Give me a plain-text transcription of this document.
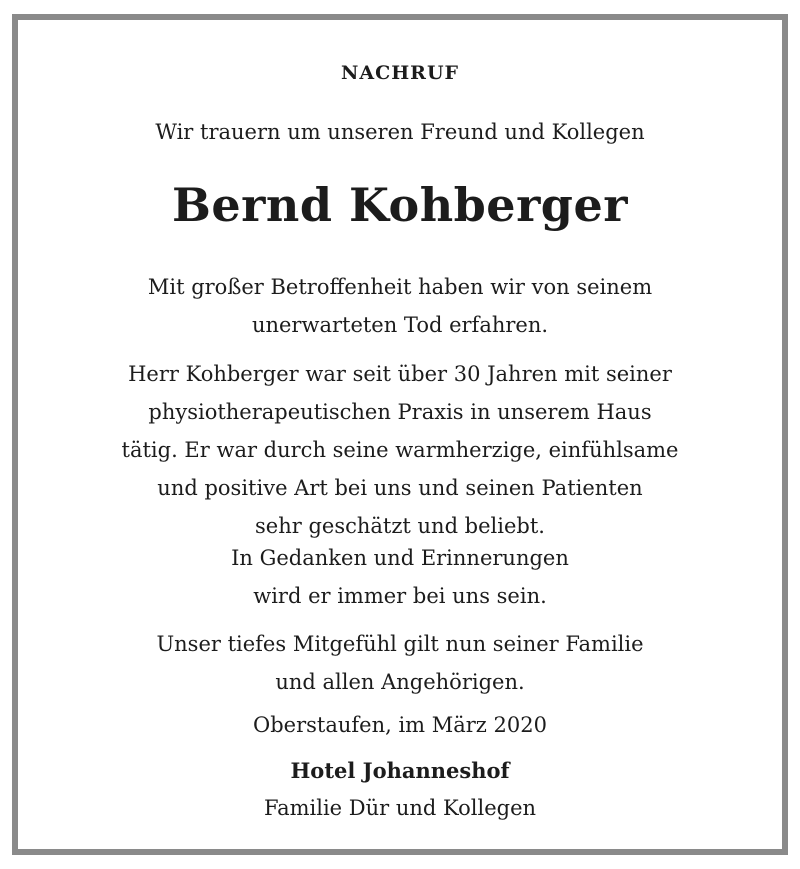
NACHRUF
Wir trauern um unseren Freund und Kollegen
Bernd Kohberger
Mit großer Betroffenheit haben wir von seinem
unerwarteten Tod erfahren.
Herr Kohberger war seit über 30 Jahren mit seiner
physiotherapeutischen Praxis in unserem Haus
tätig. Er war durch seine warmherzige, einfühlsame
und positive Art bei uns und seinen Patienten
sehr geschätzt und beliebt.
In Gedanken und Erinnerungen
wird er immer bei uns sein.
Unser tiefes Mitgefühl gilt nun seiner Familie
und allen Angehörigen.
Oberstaufen, im März 2020
Hotel Johanneshof
Familie Dür und Kollegen
